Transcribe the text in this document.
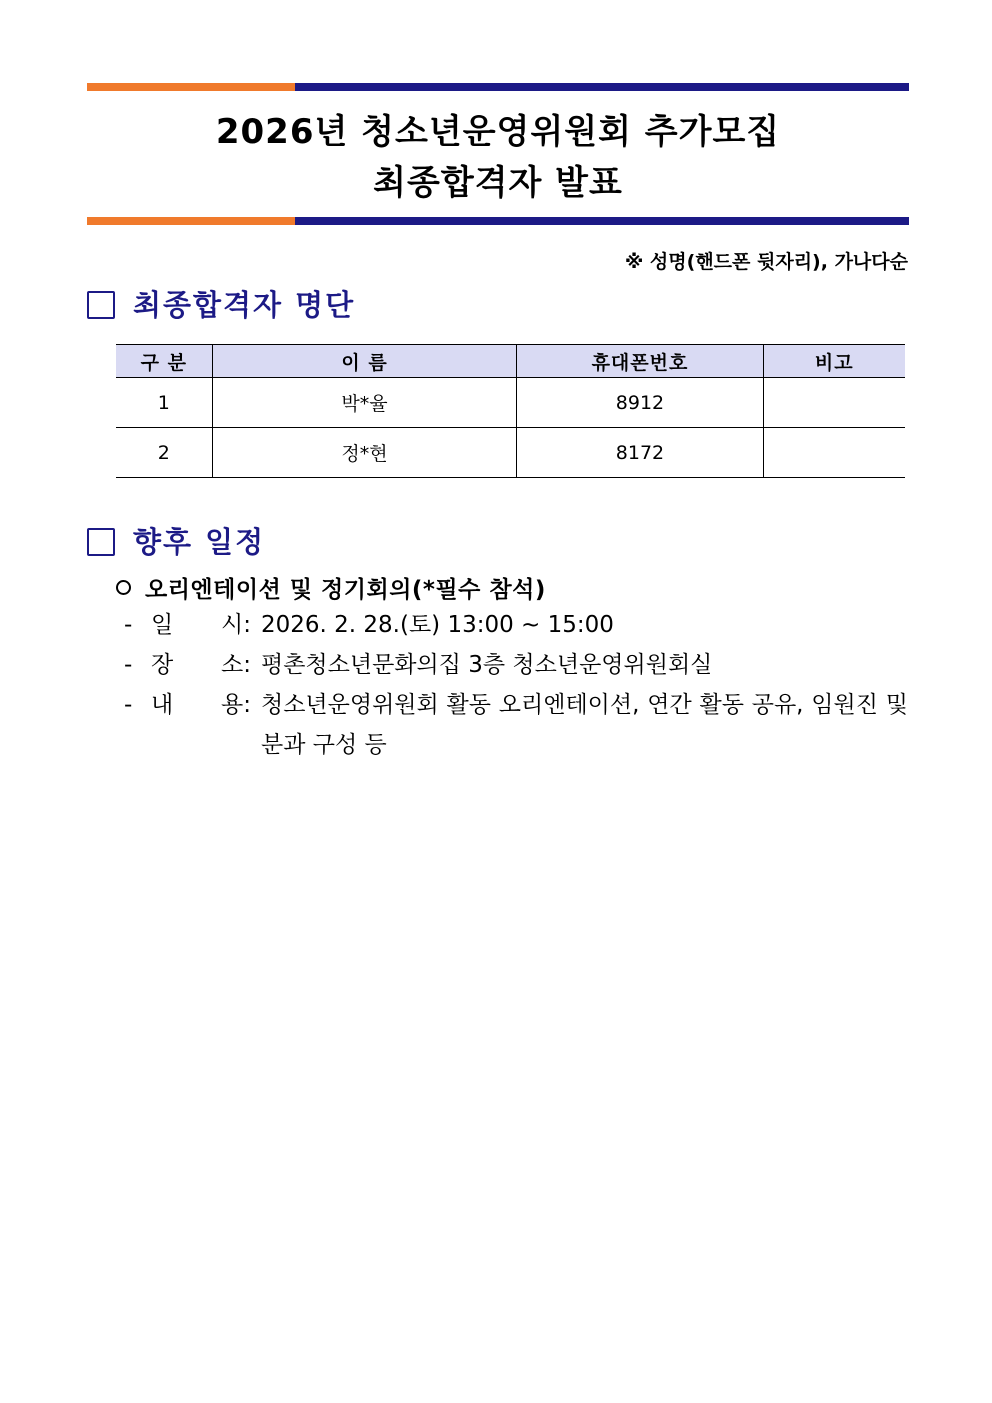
2026년 청소년운영위원회 추가모집
최종합격자 발표
※ 성명(핸드폰 뒷자리), 가나다순
최종합격자 명단
구 분	이 름	휴대폰번호	비고
1	박*율	8912	
2	정*현	8172	
향후 일정
오리엔테이션 및 정기회의(*필수 참석)
- 일 시: 2026. 2. 28.(토) 13:00 ~ 15:00
- 장 소: 평촌청소년문화의집 3층 청소년운영위원회실
- 내 용: 청소년운영위원회 활동 오리엔테이션, 연간 활동 공유, 임원진 및 분과 구성 등
